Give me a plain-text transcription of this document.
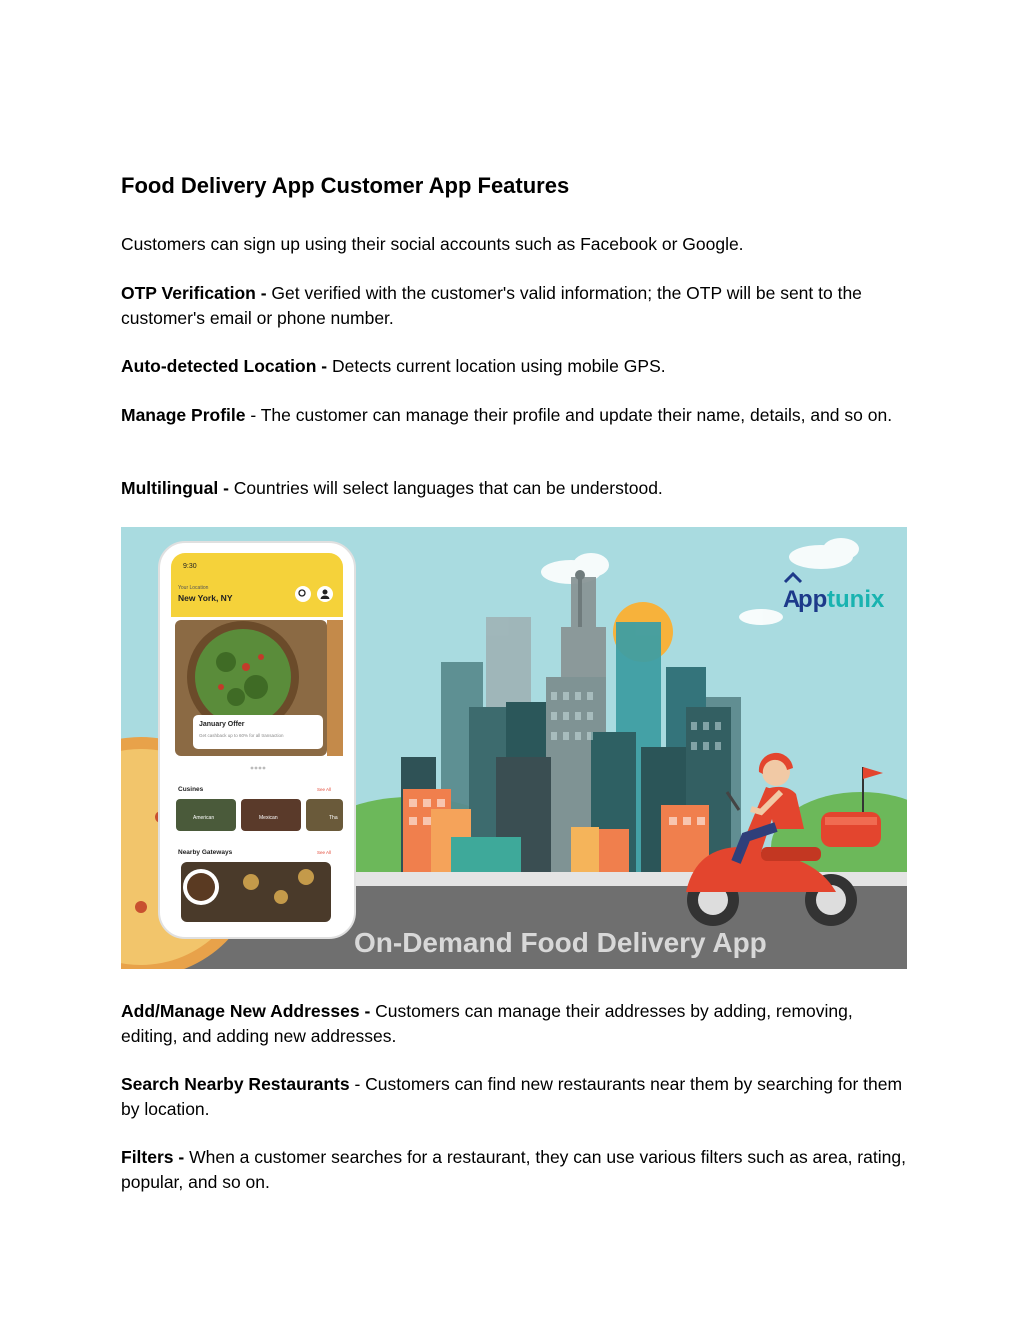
Food Delivery App Customer App Features

Customers can sign up using their social accounts such as Facebook or Google.

OTP Verification - Get verified with the customer's valid information; the OTP will be sent to the customer's email or phone number.

Auto-detected Location - Detects current location using mobile GPS.

Manage Profile - The customer can manage their profile and update their name, details, and so on.

Multilingual - Countries will select languages that can be understood.

9:30
Your Location
New York, NY
January Offer
Get cashback up to 60% for all transaction
Cusines	See All
American	Mexican	Tha
Nearby Gateways	See All
A
pp tunix
On-Demand Food Delivery App

Add/Manage New Addresses - Customers can manage their addresses by adding, removing, editing, and adding new addresses.

Search Nearby Restaurants - Customers can find new restaurants near them by searching for them by location.

Filters - When a customer searches for a restaurant, they can use various filters such as area, rating, popular, and so on.
